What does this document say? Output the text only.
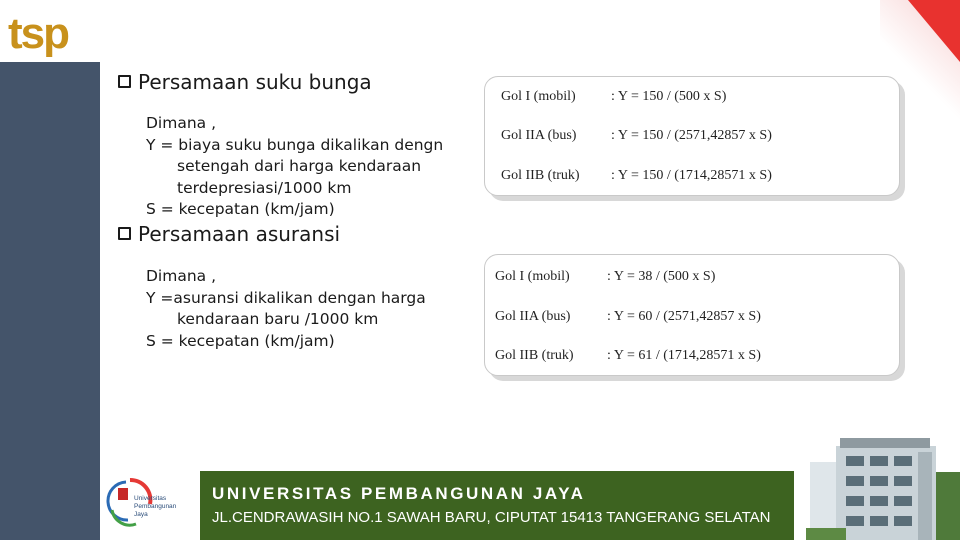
tsp
Persamaan suku bunga
Dimana ,
Y = biaya suku bunga dikalikan dengn
setengah dari harga kendaraan
terdepresiasi/1000 km
S = kecepatan (km/jam)
Gol I (mobil)	: Y = 150 / (500 x S)
Gol IIA (bus) : Y = 150 / (2571,42857 x S)
Gol IIB (truk) : Y = 150 / (1714,28571 x S)
Persamaan asuransi
Dimana ,
Y =asuransi dikalikan dengan harga
kendaraan baru /1000 km
S = kecepatan (km/jam)
Gol I (mobil)	: Y = 38 / (500 x S)
Gol IIA (bus)	: Y = 60 / (2571,42857 x S)
Gol IIB (truk) : Y = 61 / (1714,28571 x S)
Universitas
Pembangunan
Jaya
UNIVERSITAS PEMBANGUNAN JAYA
JL.CENDRAWASIH NO.1 SAWAH BARU, CIPUTAT 15413 TANGERANG SELATAN
